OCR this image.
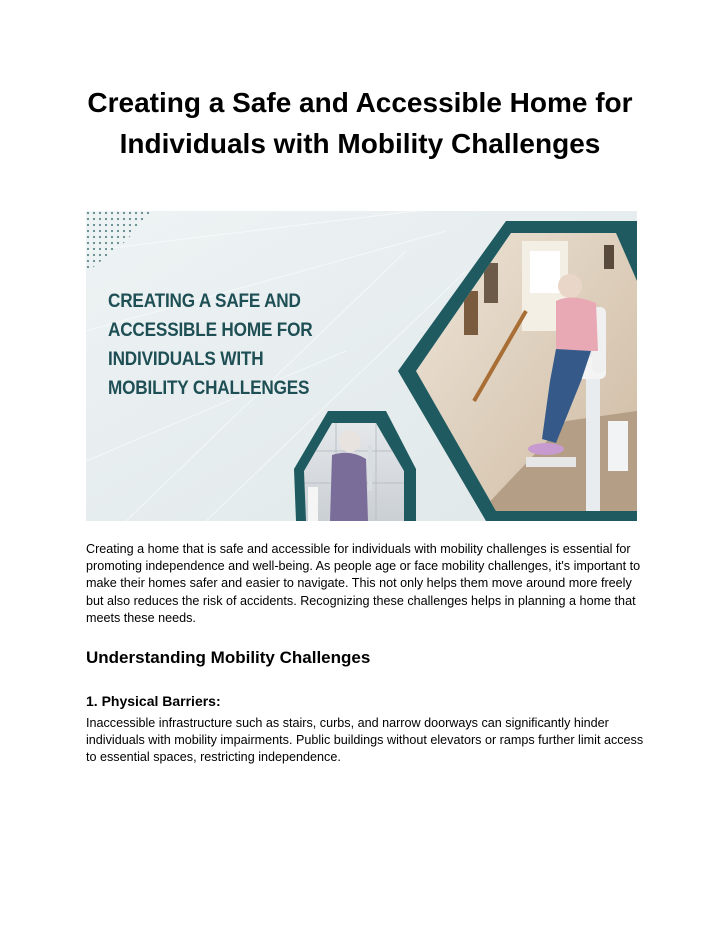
Creating a Safe and Accessible Home for Individuals with Mobility Challenges
CREATING A SAFE AND
ACCESSIBLE HOME FOR
INDIVIDUALS WITH
MOBILITY CHALLENGES

Creating a home that is safe and accessible for individuals with mobility challenges is essential for promoting independence and well-being. As people age or face mobility challenges, it's important to make their homes safer and easier to navigate. This not only helps them move around more freely but also reduces the risk of accidents. Recognizing these challenges helps in planning a home that meets these needs.

Understanding Mobility Challenges
1. Physical Barriers:

Inaccessible infrastructure such as stairs, curbs, and narrow doorways can significantly hinder individuals with mobility impairments. Public buildings without elevators or ramps further limit access to essential spaces, restricting independence.
